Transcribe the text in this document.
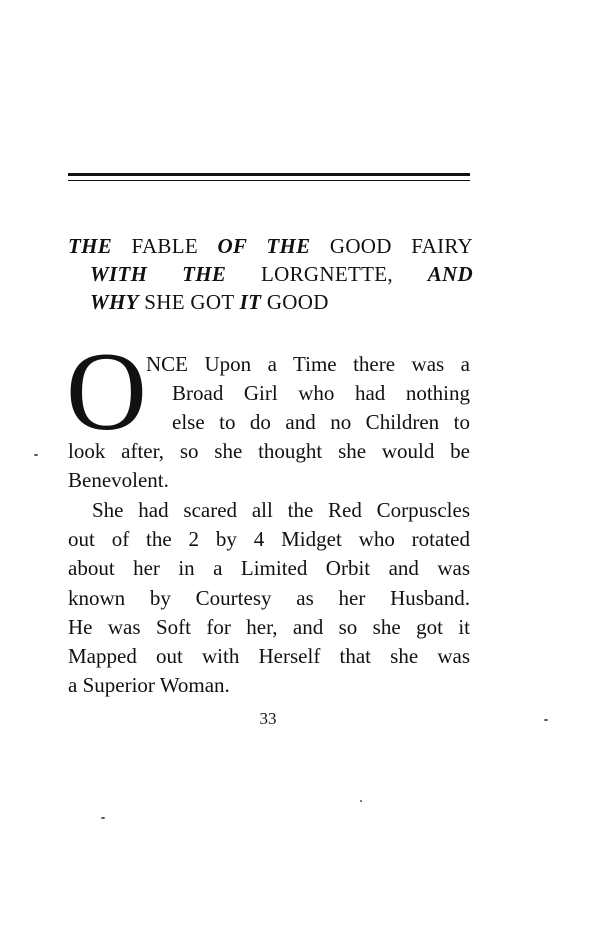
THE FABLE OF THE GOOD FAIRY
WITH THE LORGNETTE, AND
WHY SHE GOT IT GOOD
O NCE Upon a Time there was a
Broad Girl who had nothing
else to do and no Children to
look after, so she thought she would be
Benevolent.
She had scared all the Red Corpuscles
out of the 2 by 4 Midget who rotated
about her in a Limited Orbit and was
known by Courtesy as her Husband.
He was Soft for her, and so she got it
Mapped out with Herself that she was
a Superior Woman.
33
